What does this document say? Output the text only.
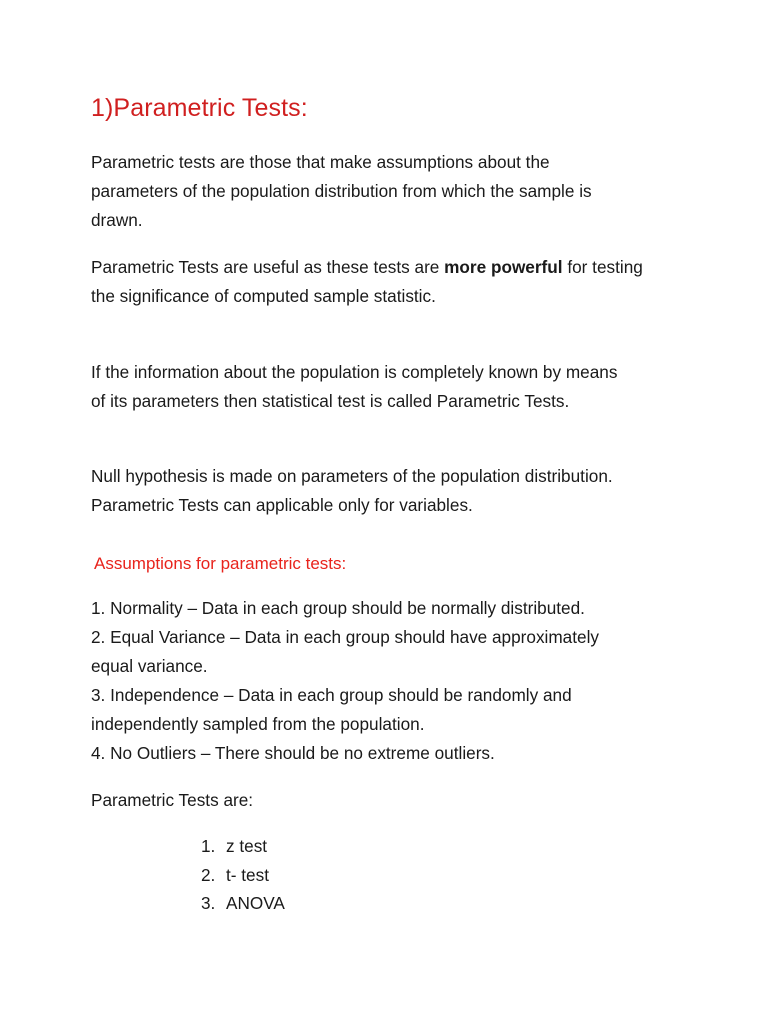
1)Parametric Tests:

Parametric tests are those that make assumptions about the
parameters of the population distribution from which the sample is
drawn.

Parametric Tests are useful as these tests are more powerful for testing
the significance of computed sample statistic.

If the information about the population is completely known by means
of its parameters then statistical test is called Parametric Tests.

Null hypothesis is made on parameters of the population distribution.
Parametric Tests can applicable only for variables.

Assumptions for parametric tests:

1. Normality – Data in each group should be normally distributed.
2. Equal Variance – Data in each group should have approximately
equal variance.
3. Independence – Data in each group should be randomly and
independently sampled from the population.
4. No Outliers – There should be no extreme outliers.

Parametric Tests are:

1. z test
2. t- test
3. ANOVA
